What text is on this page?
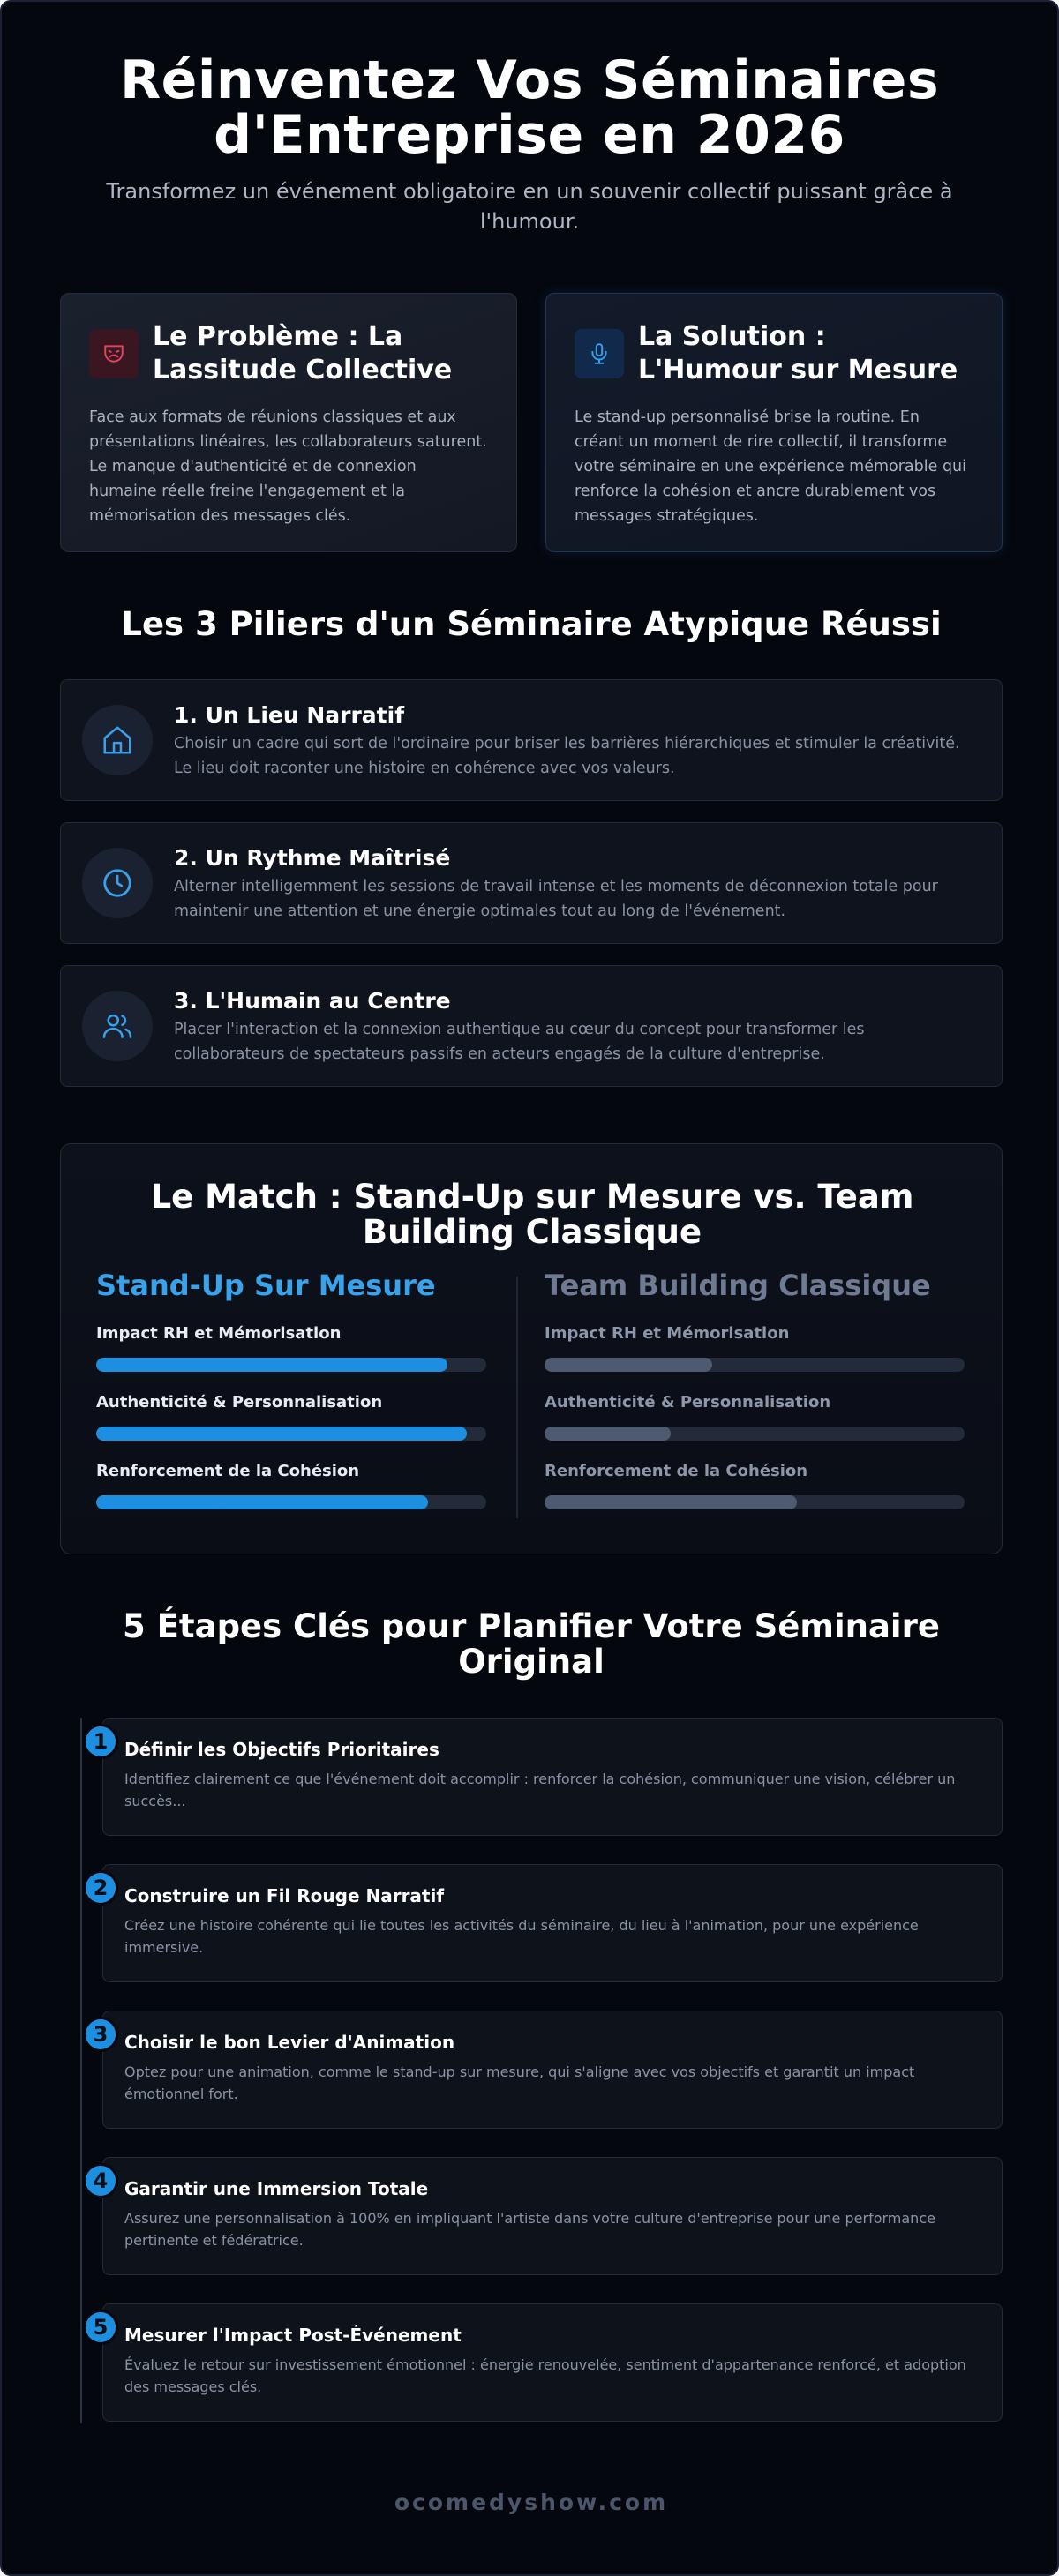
Réinventez Vos Séminaires
d'Entreprise en 2026

Transformez un événement obligatoire en un souvenir collectif puissant grâce à l'humour.

Le Problème : La Lassitude Collective
Face aux formats de réunions classiques et aux présentations linéaires, les collaborateurs saturent. Le manque d'authenticité et de connexion humaine réelle freine l'engagement et la mémorisation des messages clés.
La Solution : L'Humour sur Mesure
Le stand-up personnalisé brise la routine. En créant un moment de rire collectif, il transforme votre séminaire en une expérience mémorable qui renforce la cohésion et ancre durablement vos messages stratégiques.
Les 3 Piliers d'un Séminaire Atypique Réussi
1. Un Lieu Narratif
Choisir un cadre qui sort de l'ordinaire pour briser les barrières hiérarchiques et stimuler la créativité. Le lieu doit raconter une histoire en cohérence avec vos valeurs.
2. Un Rythme Maîtrisé
Alterner intelligemment les sessions de travail intense et les moments de déconnexion totale pour maintenir une attention et une énergie optimales tout au long de l'événement.
3. L'Humain au Centre
Placer l'interaction et la connexion authentique au cœur du concept pour transformer les collaborateurs de spectateurs passifs en acteurs engagés de la culture d'entreprise.
Le Match : Stand-Up sur Mesure vs. Team
Building Classique
Stand-Up Sur Mesure
Impact RH et Mémorisation
Authenticité & Personnalisation
Renforcement de la Cohésion
Team Building Classique
Impact RH et Mémorisation
Authenticité & Personnalisation
Renforcement de la Cohésion
5 Étapes Clés pour Planifier Votre Séminaire
Original
Définir les Objectifs Prioritaires
Identifiez clairement ce que l'événement doit accomplir : renforcer la cohésion, communiquer une vision, célébrer un succès...
1
Construire un Fil Rouge Narratif
Créez une histoire cohérente qui lie toutes les activités du séminaire, du lieu à l'animation, pour une expérience immersive.
2
Choisir le bon Levier d'Animation
Optez pour une animation, comme le stand-up sur mesure, qui s'aligne avec vos objectifs et garantit un impact émotionnel fort.
3
Garantir une Immersion Totale
Assurez une personnalisation à 100% en impliquant l'artiste dans votre culture d'entreprise pour une performance pertinente et fédératrice.
4
Mesurer l'Impact Post-Événement
Évaluez le retour sur investissement émotionnel : énergie renouvelée, sentiment d'appartenance renforcé, et adoption des messages clés.
5
ocomedyshow.com
